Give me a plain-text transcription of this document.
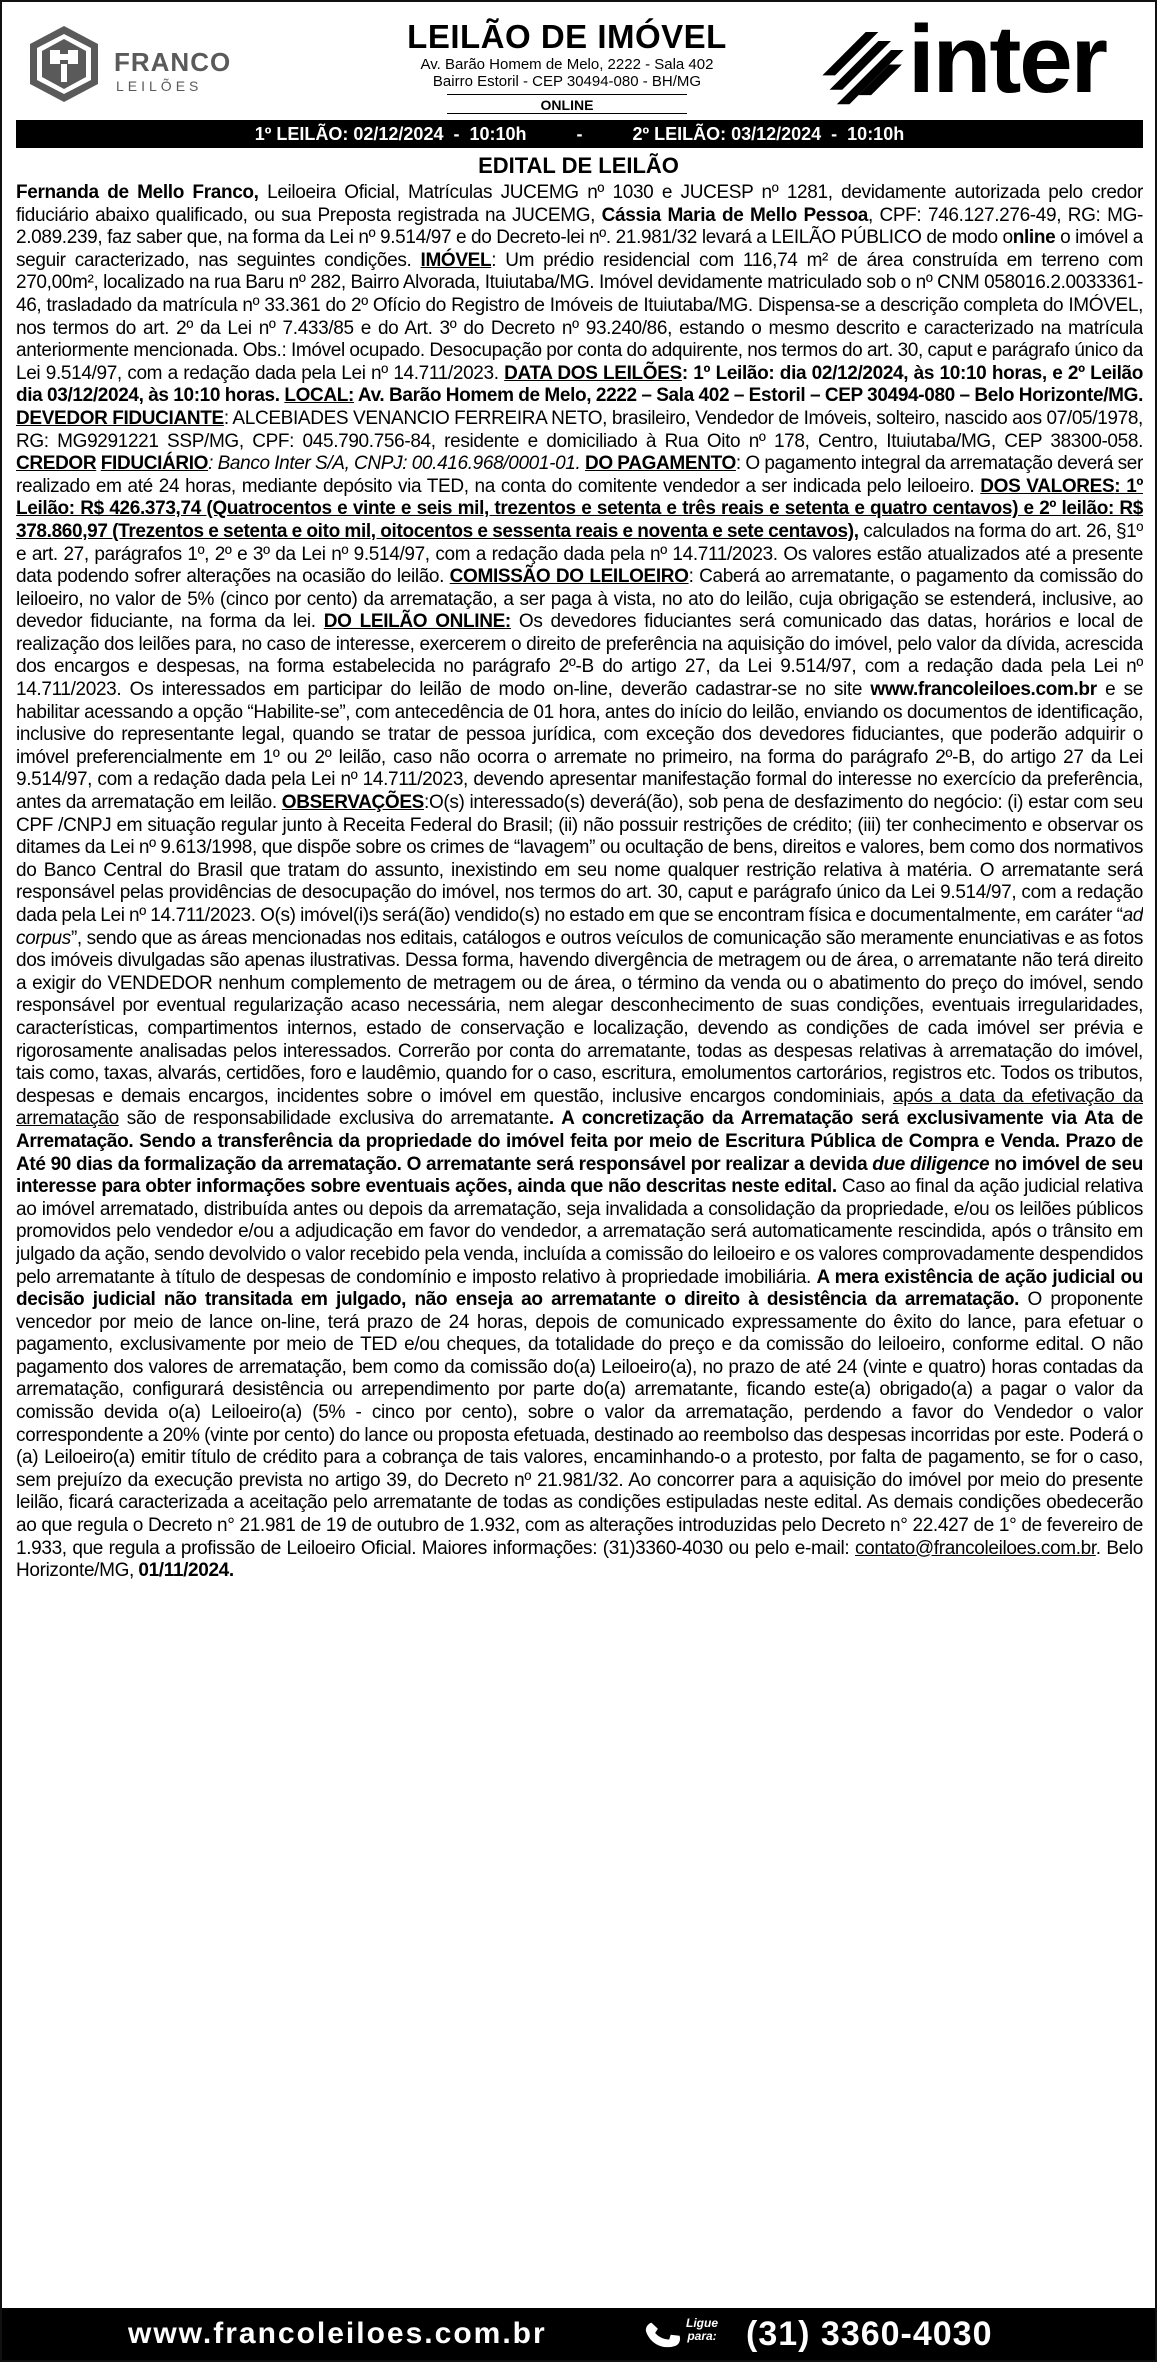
FRANCO
LEILÕES
LEILÃO DE IMÓVEL
Av. Barão Homem de Melo, 2222 - Sala 402
Bairro Estoril - CEP 30494-080 - BH/MG
ONLINE	inter
1º LEILÃO: 02/12/2024  -  10:10h          -          2º LEILÃO: 03/12/2024  -  10:10h
EDITAL DE LEILÃO
Fernanda de Mello Franco, Leiloeira Oficial, Matrículas JUCEMG nº 1030 e JUCESP nº 1281, devidamente autorizada pelo credor fiduciário abaixo qualificado, ou sua Preposta registrada na JUCEMG, Cássia Maria de Mello Pessoa, CPF: 746.127.276-49, RG: MG-2.089.239, faz saber que, na forma da Lei nº 9.514/97 e do Decreto-lei nº. 21.981/32 levará a LEILÃO PÚBLICO de modo online o imóvel a seguir caracterizado, nas seguintes condições. IMÓVEL: Um prédio residencial com 116,74 m² de área construída em terreno com 270,00m², localizado na rua Baru nº 282, Bairro Alvorada, Ituiutaba/MG. Imóvel devidamente matriculado sob o nº CNM 058016.2.0033361-46, trasladado da matrícula nº 33.361 do 2º Ofício do Registro de Imóveis de Ituiutaba/MG. Dispensa-se a descrição completa do IMÓVEL, nos termos do art. 2º da Lei nº 7.433/85 e do Art. 3º do Decreto nº 93.240/86, estando o mesmo descrito e caracterizado na matrícula anteriormente mencionada. Obs.: Imóvel ocupado. Desocupação por conta do adquirente, nos termos do art. 30, caput e parágrafo único da Lei 9.514/97, com a redação dada pela Lei nº 14.711/2023. DATA DOS LEILÕES: 1º Leilão: dia 02/12/2024, às 10:10 horas, e 2º Leilão dia 03/12/2024, às 10:10 horas. LOCAL: Av. Barão Homem de Melo, 2222 – Sala 402 – Estoril – CEP 30494-080 – Belo Horizonte/MG. DEVEDOR FIDUCIANTE: ALCEBIADES VENANCIO FERREIRA NETO, brasileiro, Vendedor de Imóveis, solteiro, nascido aos 07/05/1978, RG: MG9291221 SSP/MG, CPF: 045.790.756-84, residente e domiciliado à Rua Oito nº 178, Centro, Ituiutaba/MG, CEP 38300-058. CREDOR FIDUCIÁRIO: Banco Inter S/A, CNPJ: 00.416.968/0001-01. DO PAGAMENTO: O pagamento integral da arrematação deverá ser realizado em até 24 horas, mediante depósito via TED, na conta do comitente vendedor a ser indicada pelo leiloeiro. DOS VALORES: 1º Leilão: R$ 426.373,74 (Quatrocentos e vinte e seis mil, trezentos e setenta e três reais e setenta e quatro centavos) e 2º leilão: R$ 378.860,97 (Trezentos e setenta e oito mil, oitocentos e sessenta reais e noventa e sete centavos), calculados na forma do art. 26, §1º e art. 27, parágrafos 1º, 2º e 3º da Lei nº 9.514/97, com a redação dada pela nº 14.711/2023. Os valores estão atualizados até a presente data podendo sofrer alterações na ocasião do leilão. COMISSÃO DO LEILOEIRO: Caberá ao arrematante, o pagamento da comissão do leiloeiro, no valor de 5% (cinco por cento) da arrematação, a ser paga à vista, no ato do leilão, cuja obrigação se estenderá, inclusive, ao devedor fiduciante, na forma da lei. DO LEILÃO ONLINE: Os devedores fiduciantes será comunicado das datas, horários e local de realização dos leilões para, no caso de interesse, exercerem o direito de preferência na aquisição do imóvel, pelo valor da dívida, acrescida dos encargos e despesas, na forma estabelecida no parágrafo 2º-B do artigo 27, da Lei 9.514/97, com a redação dada pela Lei nº 14.711/2023. Os interessados em participar do leilão de modo on-line, deverão cadastrar-se no site www.francoleiloes.com.br e se habilitar acessando a opção “Habilite-se”, com antecedência de 01 hora, antes do início do leilão, enviando os documentos de identificação, inclusive do representante legal, quando se tratar de pessoa jurídica, com exceção dos devedores fiduciantes, que poderão adquirir o imóvel preferencialmente em 1º ou 2º leilão, caso não ocorra o arremate no primeiro, na forma do parágrafo 2º-B, do artigo 27 da Lei 9.514/97, com a redação dada pela Lei nº 14.711/2023, devendo apresentar manifestação formal do interesse no exercício da preferência, antes da arrematação em leilão. OBSERVAÇÕES:O(s) interessado(s) deverá(ão), sob pena de desfazimento do negócio: (i) estar com seu CPF /CNPJ em situação regular junto à Receita Federal do Brasil; (ii) não possuir restrições de crédito; (iii) ter conhecimento e observar os ditames da Lei nº 9.613/1998, que dispõe sobre os crimes de “lavagem” ou ocultação de bens, direitos e valores, bem como dos normativos do Banco Central do Brasil que tratam do assunto, inexistindo em seu nome qualquer restrição relativa à matéria. O arrematante será responsável pelas providências de desocupação do imóvel, nos termos do art. 30, caput e parágrafo único da Lei 9.514/97, com a redação dada pela Lei nº 14.711/2023. O(s) imóvel(i)s será(ão) vendido(s) no estado em que se encontram física e documentalmente, em caráter “ad corpus”, sendo que as áreas mencionadas nos editais, catálogos e outros veículos de comunicação são meramente enunciativas e as fotos dos imóveis divulgadas são apenas ilustrativas. Dessa forma, havendo divergência de metragem ou de área, o arrematante não terá direito a exigir do VENDEDOR nenhum complemento de metragem ou de área, o término da venda ou o abatimento do preço do imóvel, sendo responsável por eventual regularização acaso necessária, nem alegar desconhecimento de suas condições, eventuais irregularidades, características, compartimentos internos, estado de conservação e localização, devendo as condições de cada imóvel ser prévia e rigorosamente analisadas pelos interessados. Correrão por conta do arrematante, todas as despesas relativas à arrematação do imóvel, tais como, taxas, alvarás, certidões, foro e laudêmio, quando for o caso, escritura, emolumentos cartorários, registros etc. Todos os tributos, despesas e demais encargos, incidentes sobre o imóvel em questão, inclusive encargos condominiais, após a data da efetivação da arrematação são de responsabilidade exclusiva do arrematante. A concretização da Arrematação será exclusivamente via Ata de Arrematação. Sendo a transferência da propriedade do imóvel feita por meio de Escritura Pública de Compra e Venda. Prazo de Até 90 dias da formalização da arrematação. O arrematante será responsável por realizar a devida due diligence no imóvel de seu interesse para obter informações sobre eventuais ações, ainda que não descritas neste edital. Caso ao final da ação judicial relativa ao imóvel arrematado, distribuída antes ou depois da arrematação, seja invalidada a consolidação da propriedade, e/ou os leilões públicos promovidos pelo vendedor e/ou a adjudicação em favor do vendedor, a arrematação será automaticamente rescindida, após o trânsito em julgado da ação, sendo devolvido o valor recebido pela venda, incluída a comissão do leiloeiro e os valores comprovadamente despendidos pelo arrematante à título de despesas de condomínio e imposto relativo à propriedade imobiliária. A mera existência de ação judicial ou decisão judicial não transitada em julgado, não enseja ao arrematante o direito à desistência da arrematação. O proponente vencedor por meio de lance on-line, terá prazo de 24 horas, depois de comunicado expressamente do êxito do lance, para efetuar o pagamento, exclusivamente por meio de TED e/ou cheques, da totalidade do preço e da comissão do leiloeiro, conforme edital. O não pagamento dos valores de arrematação, bem como da comissão do(a) Leiloeiro(a), no prazo de até 24 (vinte e quatro) horas contadas da arrematação, configurará desistência ou arrependimento por parte do(a) arrematante, ficando este(a) obrigado(a) a pagar o valor da comissão devida o(a) Leiloeiro(a) (5% - cinco por cento), sobre o valor da arrematação, perdendo a favor do Vendedor o valor correspondente a 20% (vinte por cento) do lance ou proposta efetuada, destinado ao reembolso das despesas incorridas por este. Poderá o (a) Leiloeiro(a) emitir título de crédito para a cobrança de tais valores, encaminhando-o a protesto, por falta de pagamento, se for o caso, sem prejuízo da execução prevista no artigo 39, do Decreto nº 21.981/32. Ao concorrer para a aquisição do imóvel por meio do presente leilão, ficará caracterizada a aceitação pelo arrematante de todas as condições estipuladas neste edital. As demais condições obedecerão ao que regula o Decreto n° 21.981 de 19 de outubro de 1.932, com as alterações introduzidas pelo Decreto n° 22.427 de 1° de fevereiro de 1.933, que regula a profissão de Leiloeiro Oficial. Maiores informações: (31)3360-4030 ou pelo e-mail: contato@francoleiloes.com.br. Belo Horizonte/MG, 01/11/2024.
www.francoleiloes.com.br	Ligue
para: (31) 3360-4030
